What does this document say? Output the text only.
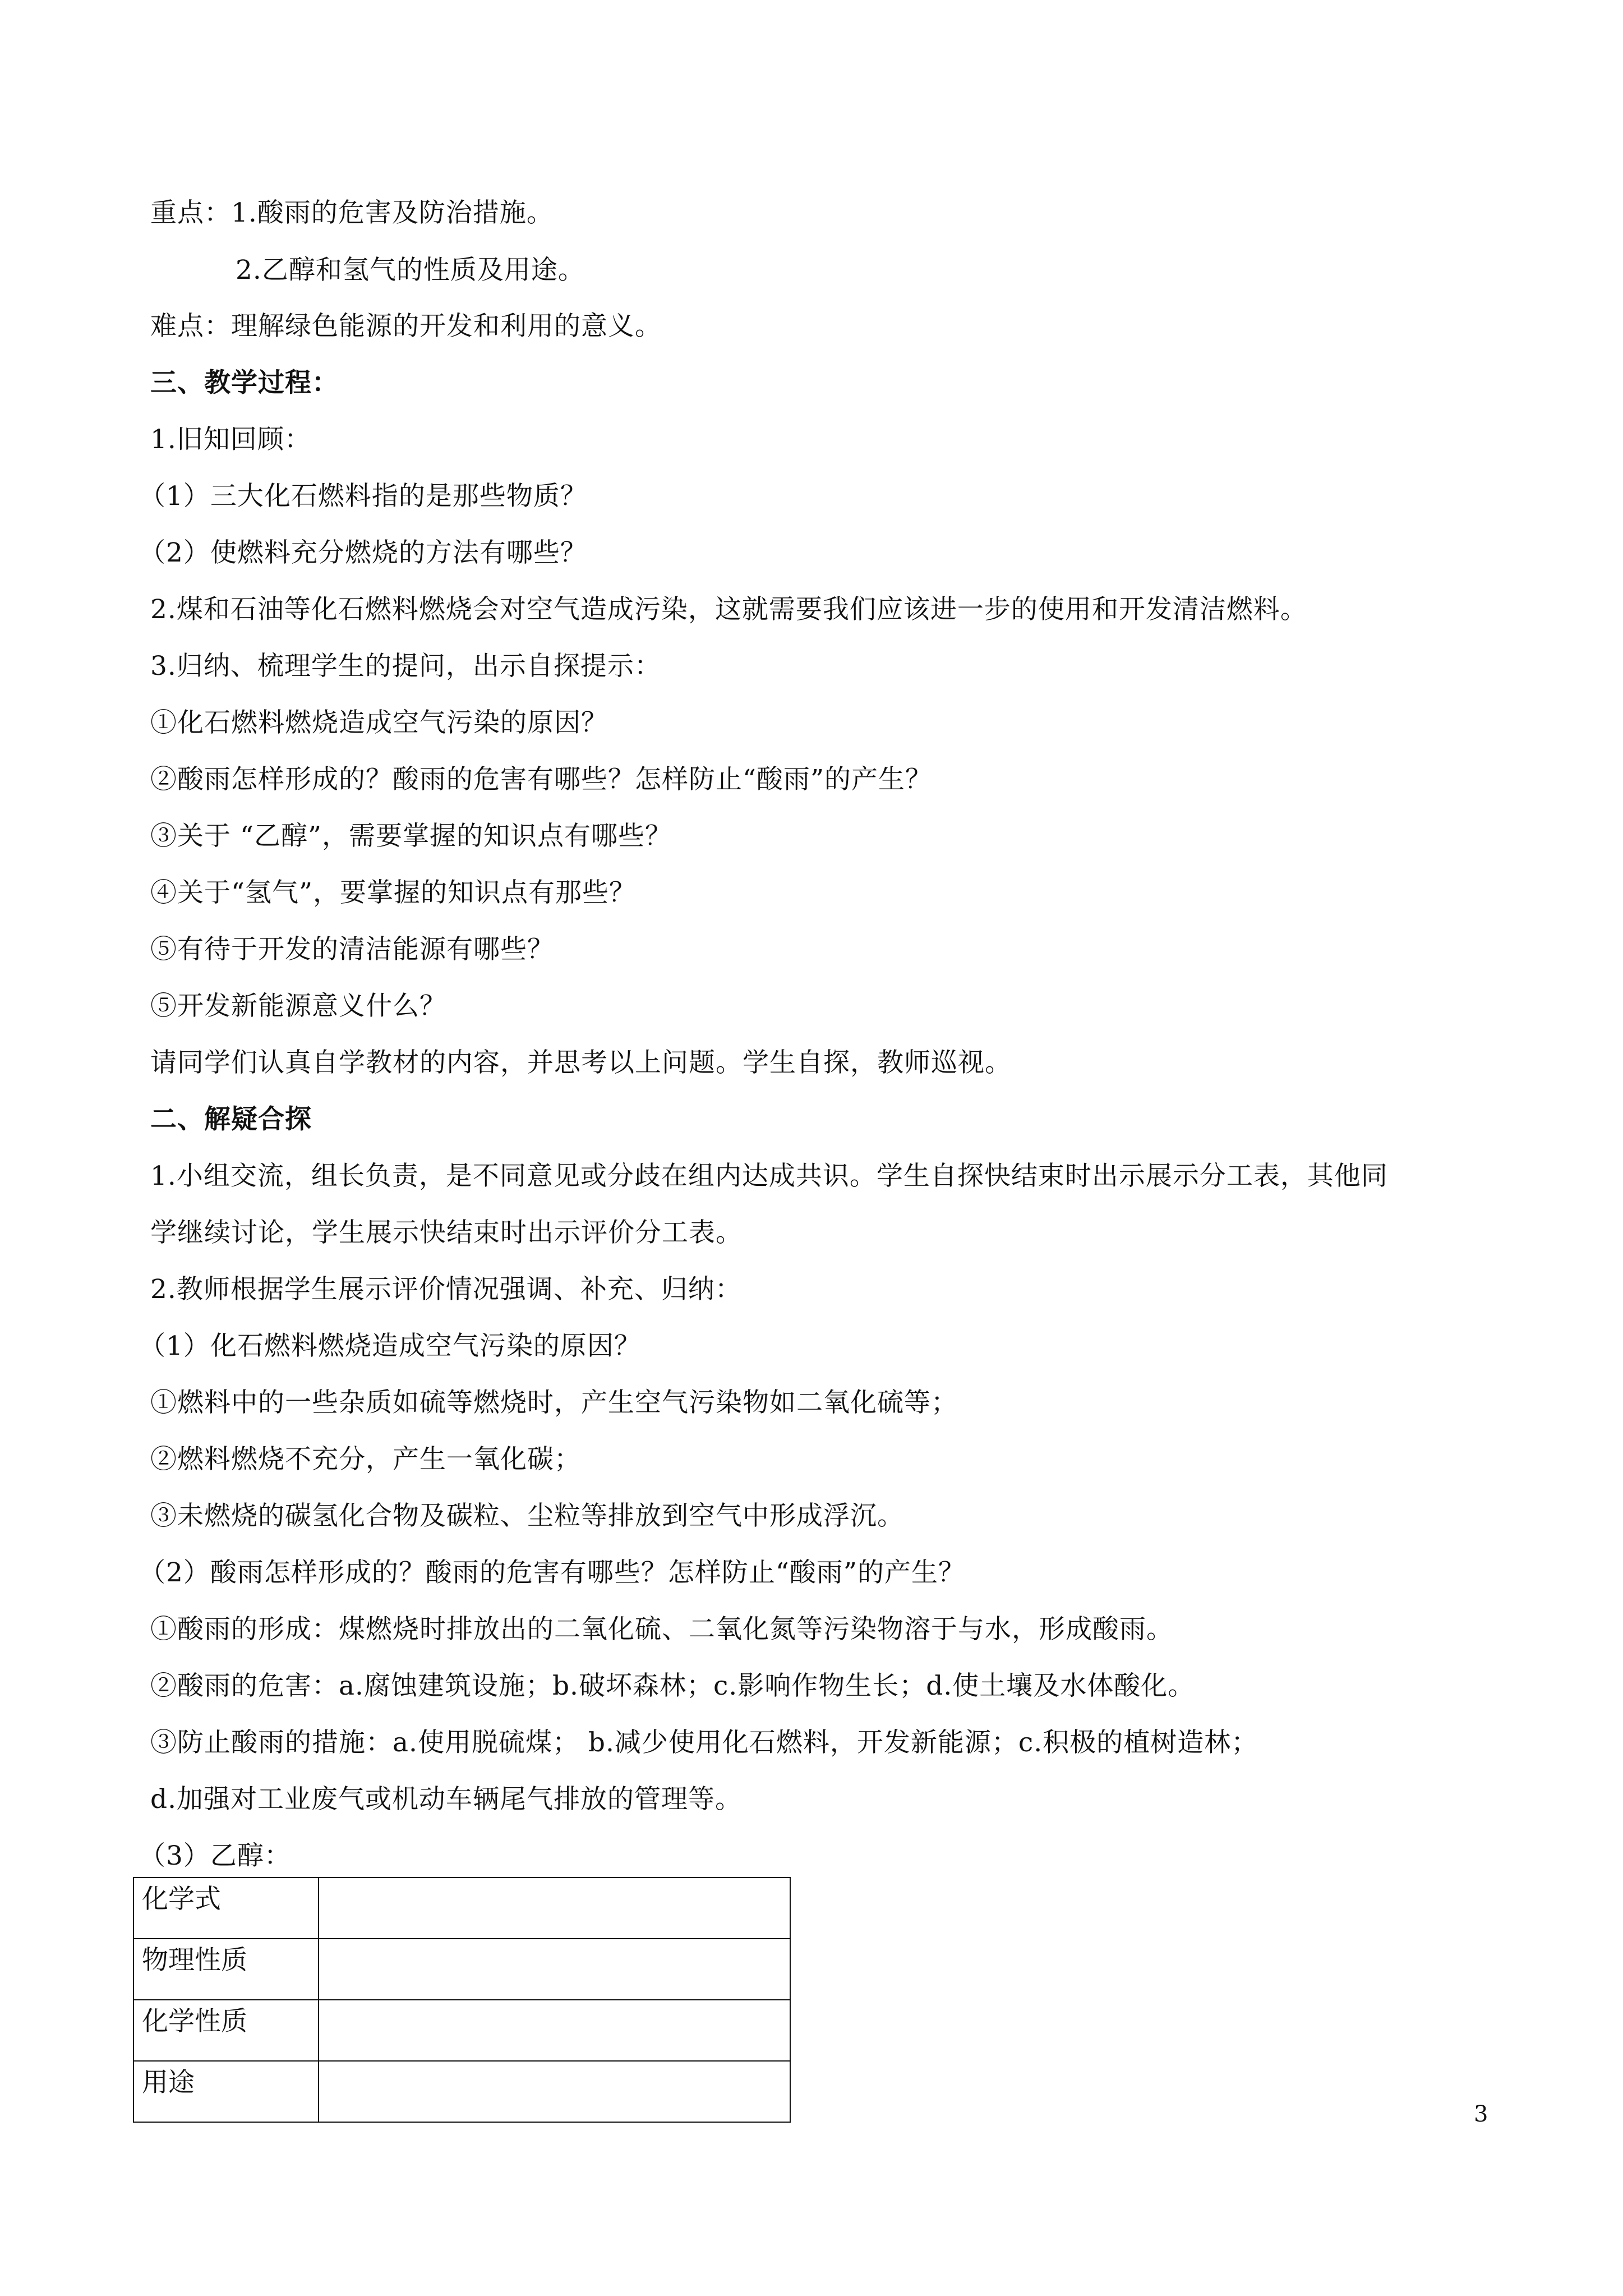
重点：1.酸雨的危害及防治措施。
2.乙醇和氢气的性质及用途。
难点：理解绿色能源的开发和利用的意义。
三、教学过程：
1.旧知回顾：
（1）三大化石燃料指的是那些物质？
（2）使燃料充分燃烧的方法有哪些？
2.煤和石油等化石燃料燃烧会对空气造成污染，这就需要我们应该进一步的使用和开发清洁燃料。
3.归纳、梳理学生的提问，出示自探提示：
①化石燃料燃烧造成空气污染的原因？
②酸雨怎样形成的？酸雨的危害有哪些？怎样防止“酸雨”的产生？
③关于 “乙醇”，需要掌握的知识点有哪些？
④关于“氢气”，要掌握的知识点有那些？
⑤有待于开发的清洁能源有哪些？
⑤开发新能源意义什么？
请同学们认真自学教材的内容，并思考以上问题。学生自探，教师巡视。
二、解疑合探
1.小组交流，组长负责，是不同意见或分歧在组内达成共识。学生自探快结束时出示展示分工表，其他同
学继续讨论，学生展示快结束时出示评价分工表。
2.教师根据学生展示评价情况强调、补充、归纳：
（1）化石燃料燃烧造成空气污染的原因？
①燃料中的一些杂质如硫等燃烧时，产生空气污染物如二氧化硫等；
②燃料燃烧不充分，产生一氧化碳；
③未燃烧的碳氢化合物及碳粒、尘粒等排放到空气中形成浮沉。
（2）酸雨怎样形成的？酸雨的危害有哪些？怎样防止“酸雨”的产生？
①酸雨的形成：煤燃烧时排放出的二氧化硫、二氧化氮等污染物溶于与水，形成酸雨。
②酸雨的危害：a.腐蚀建筑设施；b.破坏森林；c.影响作物生长；d.使土壤及水体酸化。
③防止酸雨的措施：a.使用脱硫煤； b.减少使用化石燃料，开发新能源；c.积极的植树造林；
d.加强对工业废气或机动车辆尾气排放的管理等。
（3）乙醇：
化学式	
物理性质	
化学性质	
用途	
3
